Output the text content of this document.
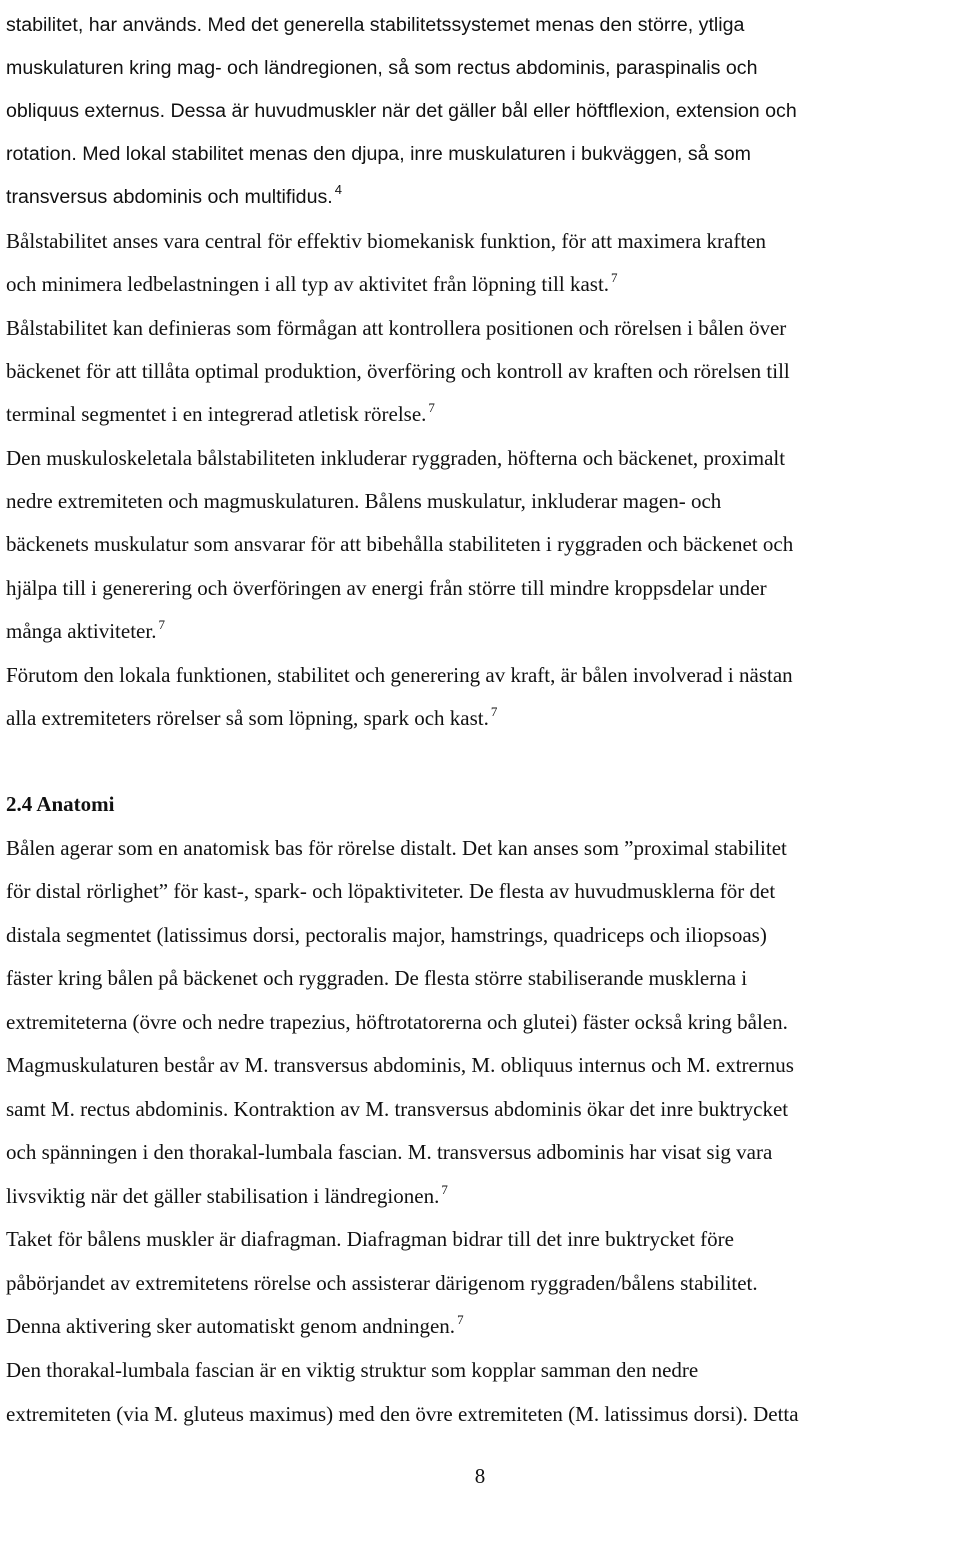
stabilitet, har används. Med det generella stabilitetssystemet menas den större, ytliga
muskulaturen kring mag- och ländregionen, så som rectus abdominis, paraspinalis och
obliquus externus. Dessa är huvudmuskler när det gäller bål eller höftflexion, extension och
rotation. Med lokal stabilitet menas den djupa, inre muskulaturen i bukväggen, så som
transversus abdominis och multifidus. $^4$
Bålstabilitet anses vara central för effektiv biomekanisk funktion, för att maximera kraften
och minimera ledbelastningen i all typ av aktivitet från löpning till kast. $^7$
Bålstabilitet kan definieras som förmågan att kontrollera positionen och rörelsen i bålen över
bäckenet för att tillåta optimal produktion, överföring och kontroll av kraften och rörelsen till
terminal segmentet i en integrerad atletisk rörelse. $^7$
Den muskuloskeletala bålstabiliteten inkluderar ryggraden, höfterna och bäckenet, proximalt
nedre extremiteten och magmuskulaturen. Bålens muskulatur, inkluderar magen- och
bäckenets muskulatur som ansvarar för att bibehålla stabiliteten i ryggraden och bäckenet och
hjälpa till i generering och överföringen av energi från större till mindre kroppsdelar under
många aktiviteter. $^7$
Förutom den lokala funktionen, stabilitet och generering av kraft, är bålen involverad i nästan
alla extremiteters rörelser så som löpning, spark och kast. $^7$
2.4 Anatomi
Bålen agerar som en anatomisk bas för rörelse distalt. Det kan anses som ”proximal stabilitet
för distal rörlighet” för kast-, spark- och löpaktiviteter. De flesta av huvudmusklerna för det
distala segmentet (latissimus dorsi, pectoralis major, hamstrings, quadriceps och iliopsoas)
fäster kring bålen på bäckenet och ryggraden. De flesta större stabiliserande musklerna i
extremiteterna (övre och nedre trapezius, höftrotatorerna och glutei) fäster också kring bålen.
Magmuskulaturen består av M. transversus abdominis, M. obliquus internus och M. extrernus
samt M. rectus abdominis. Kontraktion av M. transversus abdominis ökar det inre buktrycket
och spänningen i den thorakal-lumbala fascian. M. transversus adbominis har visat sig vara
livsviktig när det gäller stabilisation i ländregionen. $^7$
Taket för bålens muskler är diafragman. Diafragman bidrar till det inre buktrycket före
påbörjandet av extremitetens rörelse och assisterar därigenom ryggraden/bålens stabilitet.
Denna aktivering sker automatiskt genom andningen. $^7$
Den thorakal-lumbala fascian är en viktig struktur som kopplar samman den nedre
extremiteten (via M. gluteus maximus) med den övre extremiteten (M. latissimus dorsi). Detta
8
